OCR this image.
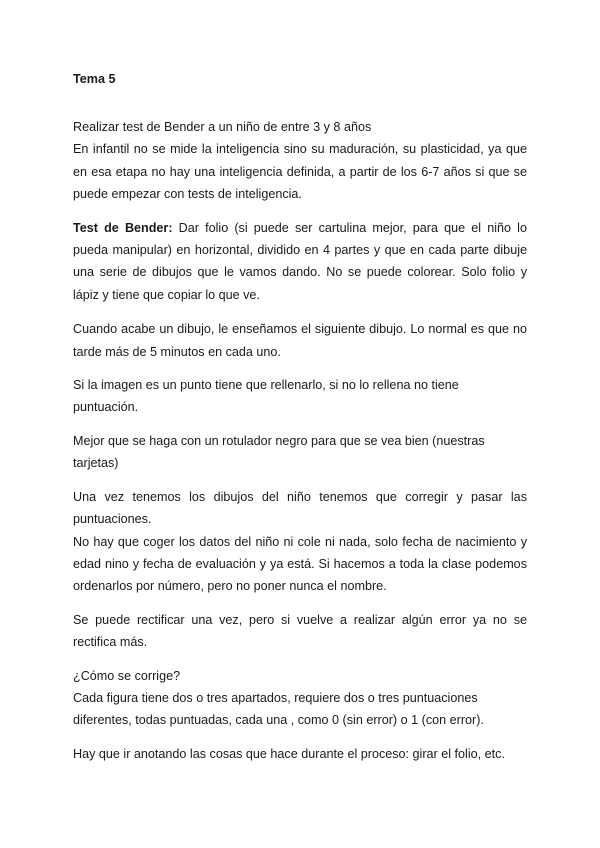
Tema 5

Realizar test de Bender a un niño de entre 3 y 8 años

En infantil no se mide la inteligencia sino su maduración, su plasticidad, ya que en esa etapa no hay una inteligencia definida, a partir de los 6-7 años si que se puede empezar con tests de inteligencia.

Test de Bender: Dar folio (si puede ser cartulina mejor, para que el niño lo pueda manipular) en horizontal, dividido en 4 partes y que en cada parte dibuje una serie de dibujos que le vamos dando. No se puede colorear. Solo folio y lápiz y tiene que copiar lo que ve.

Cuando acabe un dibujo, le enseñamos el siguiente dibujo. Lo normal es que no tarde más de 5 minutos en cada uno.

Si la imagen es un punto tiene que rellenarlo, si no lo rellena no tiene puntuación.

Mejor que se haga con un rotulador negro para que se vea bien (nuestras tarjetas)

Una vez tenemos los dibujos del niño tenemos que corregir y pasar las puntuaciones.

No hay que coger los datos del niño ni cole ni nada, solo fecha de nacimiento y edad nino y fecha de evaluación y ya está. Si hacemos a toda la clase podemos ordenarlos por número, pero no poner nunca el nombre.

Se puede rectificar una vez, pero si vuelve a realizar algún error ya no se rectifica más.

¿Cómo se corrige?

Cada figura tiene dos o tres apartados, requiere dos o tres puntuaciones diferentes, todas puntuadas, cada una , como 0 (sin error) o 1 (con error).

Hay que ir anotando las cosas que hace durante el proceso: girar el folio, etc.
